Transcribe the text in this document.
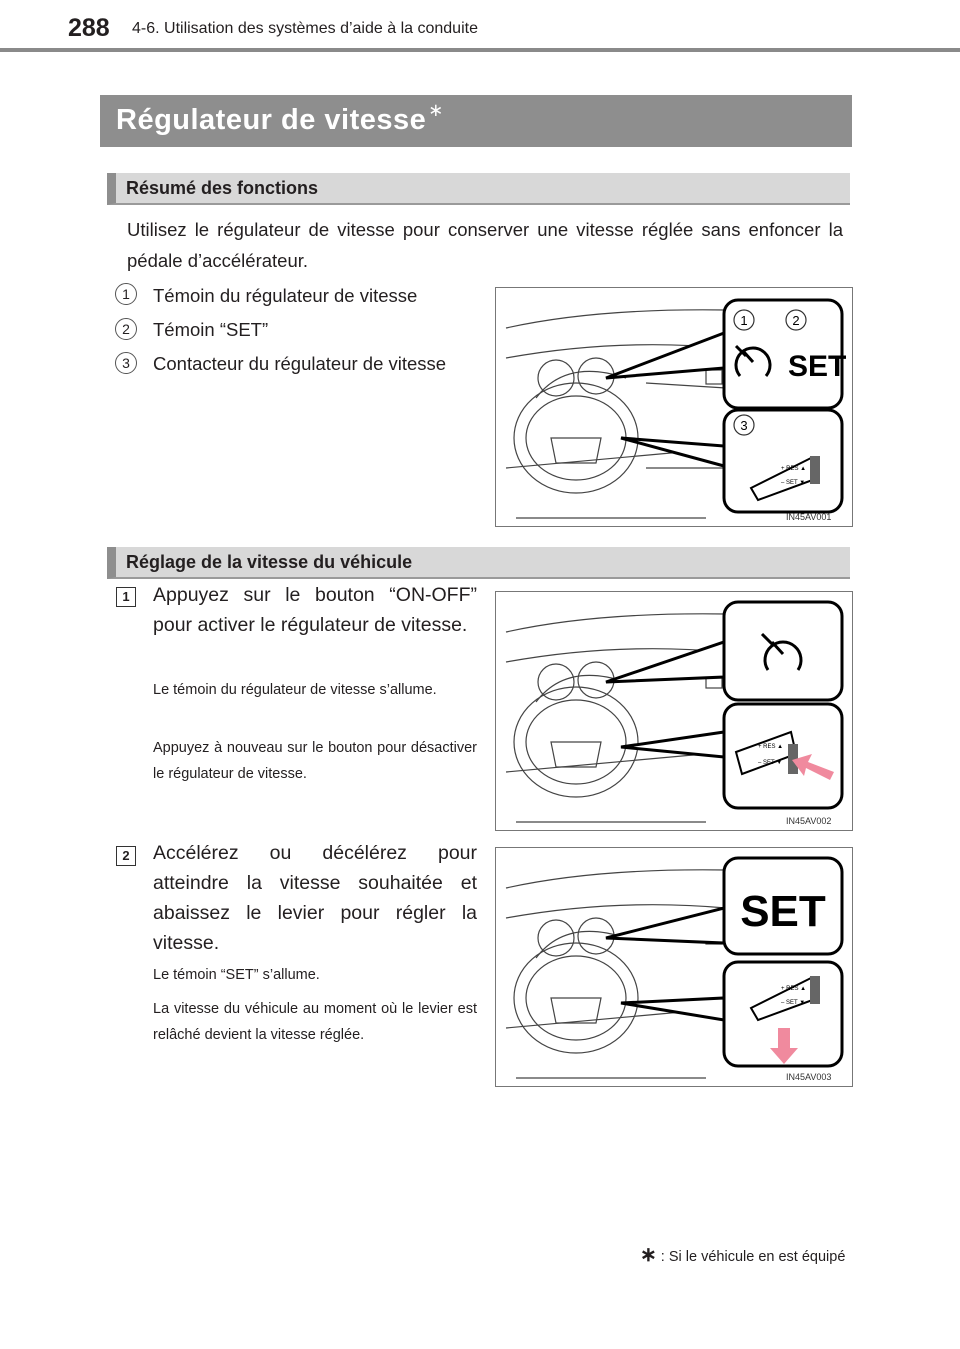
288 4-6. Utilisation des systèmes d’aide à la conduite
Régulateur de vitesse ∗
Résumé des fonctions
Utilisez le régulateur de vitesse pour conserver une vitesse réglée sans enfoncer la pédale d’accélérateur.
1	Témoin du régulateur de vitesse
2	Témoin “SET”
3	Contacteur du régulateur de vitesse
1	2
SET
3
+ RES ▲
– SET ▼
IN45AV001
Réglage de la vitesse du véhicule
1	Appuyez sur le bouton “ON-OFF” pour activer le régulateur de vitesse.
Le témoin du régulateur de vitesse s’allume.
Appuyez à nouveau sur le bouton pour désactiver le régulateur de vitesse.
+ RES ▲
– SET ▼
IN45AV002
2	Accélérez ou décélérez pour atteindre la vitesse souhaitée et abaissez le levier pour régler la vitesse.
Le témoin “SET” s’allume.
La vitesse du véhicule au moment où le levier est relâché devient la vitesse réglée.
SET
+ RES ▲
– SET ▼
IN45AV003
∗ : Si le véhicule en est équipé
